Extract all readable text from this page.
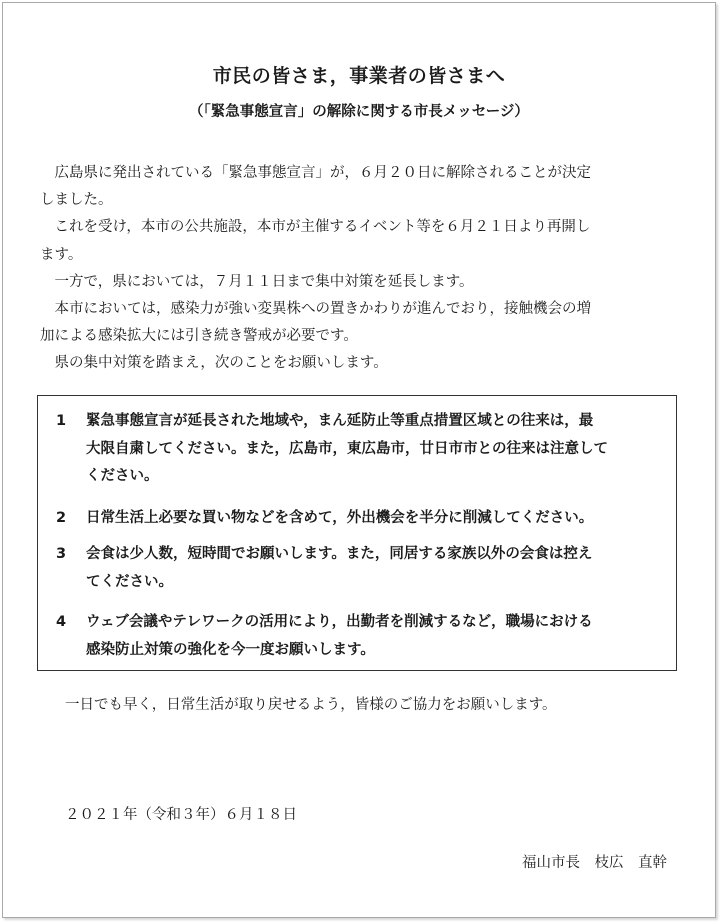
市民の皆さま，事業者の皆さまへ
（「緊急事態宣言」の解除に関する市長メッセージ）

広島県に発出されている「緊急事態宣言」が，６月２０日に解除されることが決定

しました。

これを受け，本市の公共施設，本市が主催するイベント等を６月２１日より再開し

ます。

一方で，県においては，７月１１日まで集中対策を延長します。

本市においては，感染力が強い変異株への置きかわりが進んでおり，接触機会の増

加による感染拡大には引き続き警戒が必要です。

県の集中対策を踏まえ，次のことをお願いします。

1 緊急事態宣言が延長された地域や，まん延防止等重点措置区域との往来は，最
大限自粛してください。また，広島市，東広島市，廿日市市との往来は注意して
ください。
2 日常生活上必要な買い物などを含めて，外出機会を半分に削減してください。
3 会食は少人数，短時間でお願いします。また，同居する家族以外の会食は控え
てください。
4 ウェブ会議やテレワークの活用により，出勤者を削減するなど，職場における
感染防止対策の強化を今一度お願いします。
一日でも早く，日常生活が取り戻せるよう，皆様のご協力をお願いします。
２０２１年（令和３年）６月１８日
福山市長　枝広　直幹
